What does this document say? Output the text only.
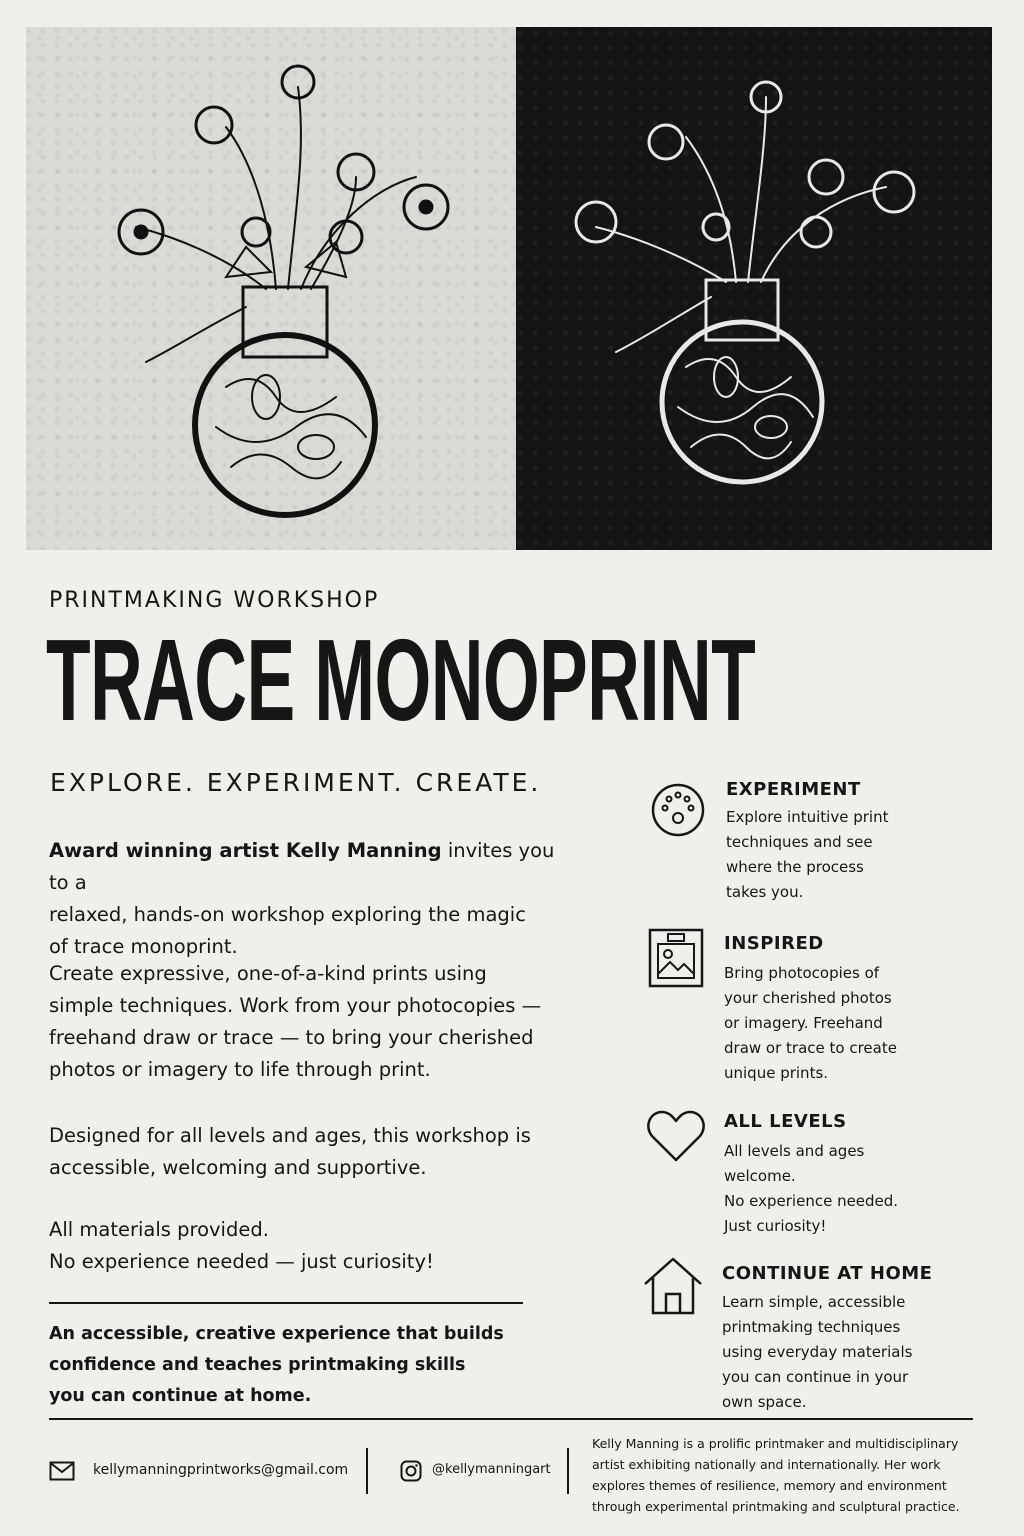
PRINTMAKING WORKSHOP
TRACE MONOPRINT
EXPLORE. EXPERIMENT. CREATE.
Award winning artist Kelly Manning invites you to a
relaxed, hands-on workshop exploring the magic
of trace monoprint.
Create expressive, one-of-a-kind prints using
simple techniques. Work from your photocopies —
freehand draw or trace — to bring your cherished
photos or imagery to life through print.
Designed for all levels and ages, this workshop is
accessible, welcoming and supportive.
All materials provided.
No experience needed — just curiosity!
An accessible, creative experience that builds
confidence and teaches printmaking skills
you can continue at home.
EXPERIMENT
Explore intuitive print
techniques and see
where the process
takes you.
INSPIRED
Bring photocopies of
your cherished photos
or imagery. Freehand
draw or trace to create
unique prints.
ALL LEVELS
All levels and ages
welcome.
No experience needed.
Just curiosity!
CONTINUE AT HOME
Learn simple, accessible
printmaking techniques
using everyday materials
you can continue in your
own space.
kellymanningprintworks@gmail.com	@kellymanningart
Kelly Manning is a prolific printmaker and multidisciplinary
artist exhibiting nationally and internationally. Her work
explores themes of resilience, memory and environment
through experimental printmaking and sculptural practice.
